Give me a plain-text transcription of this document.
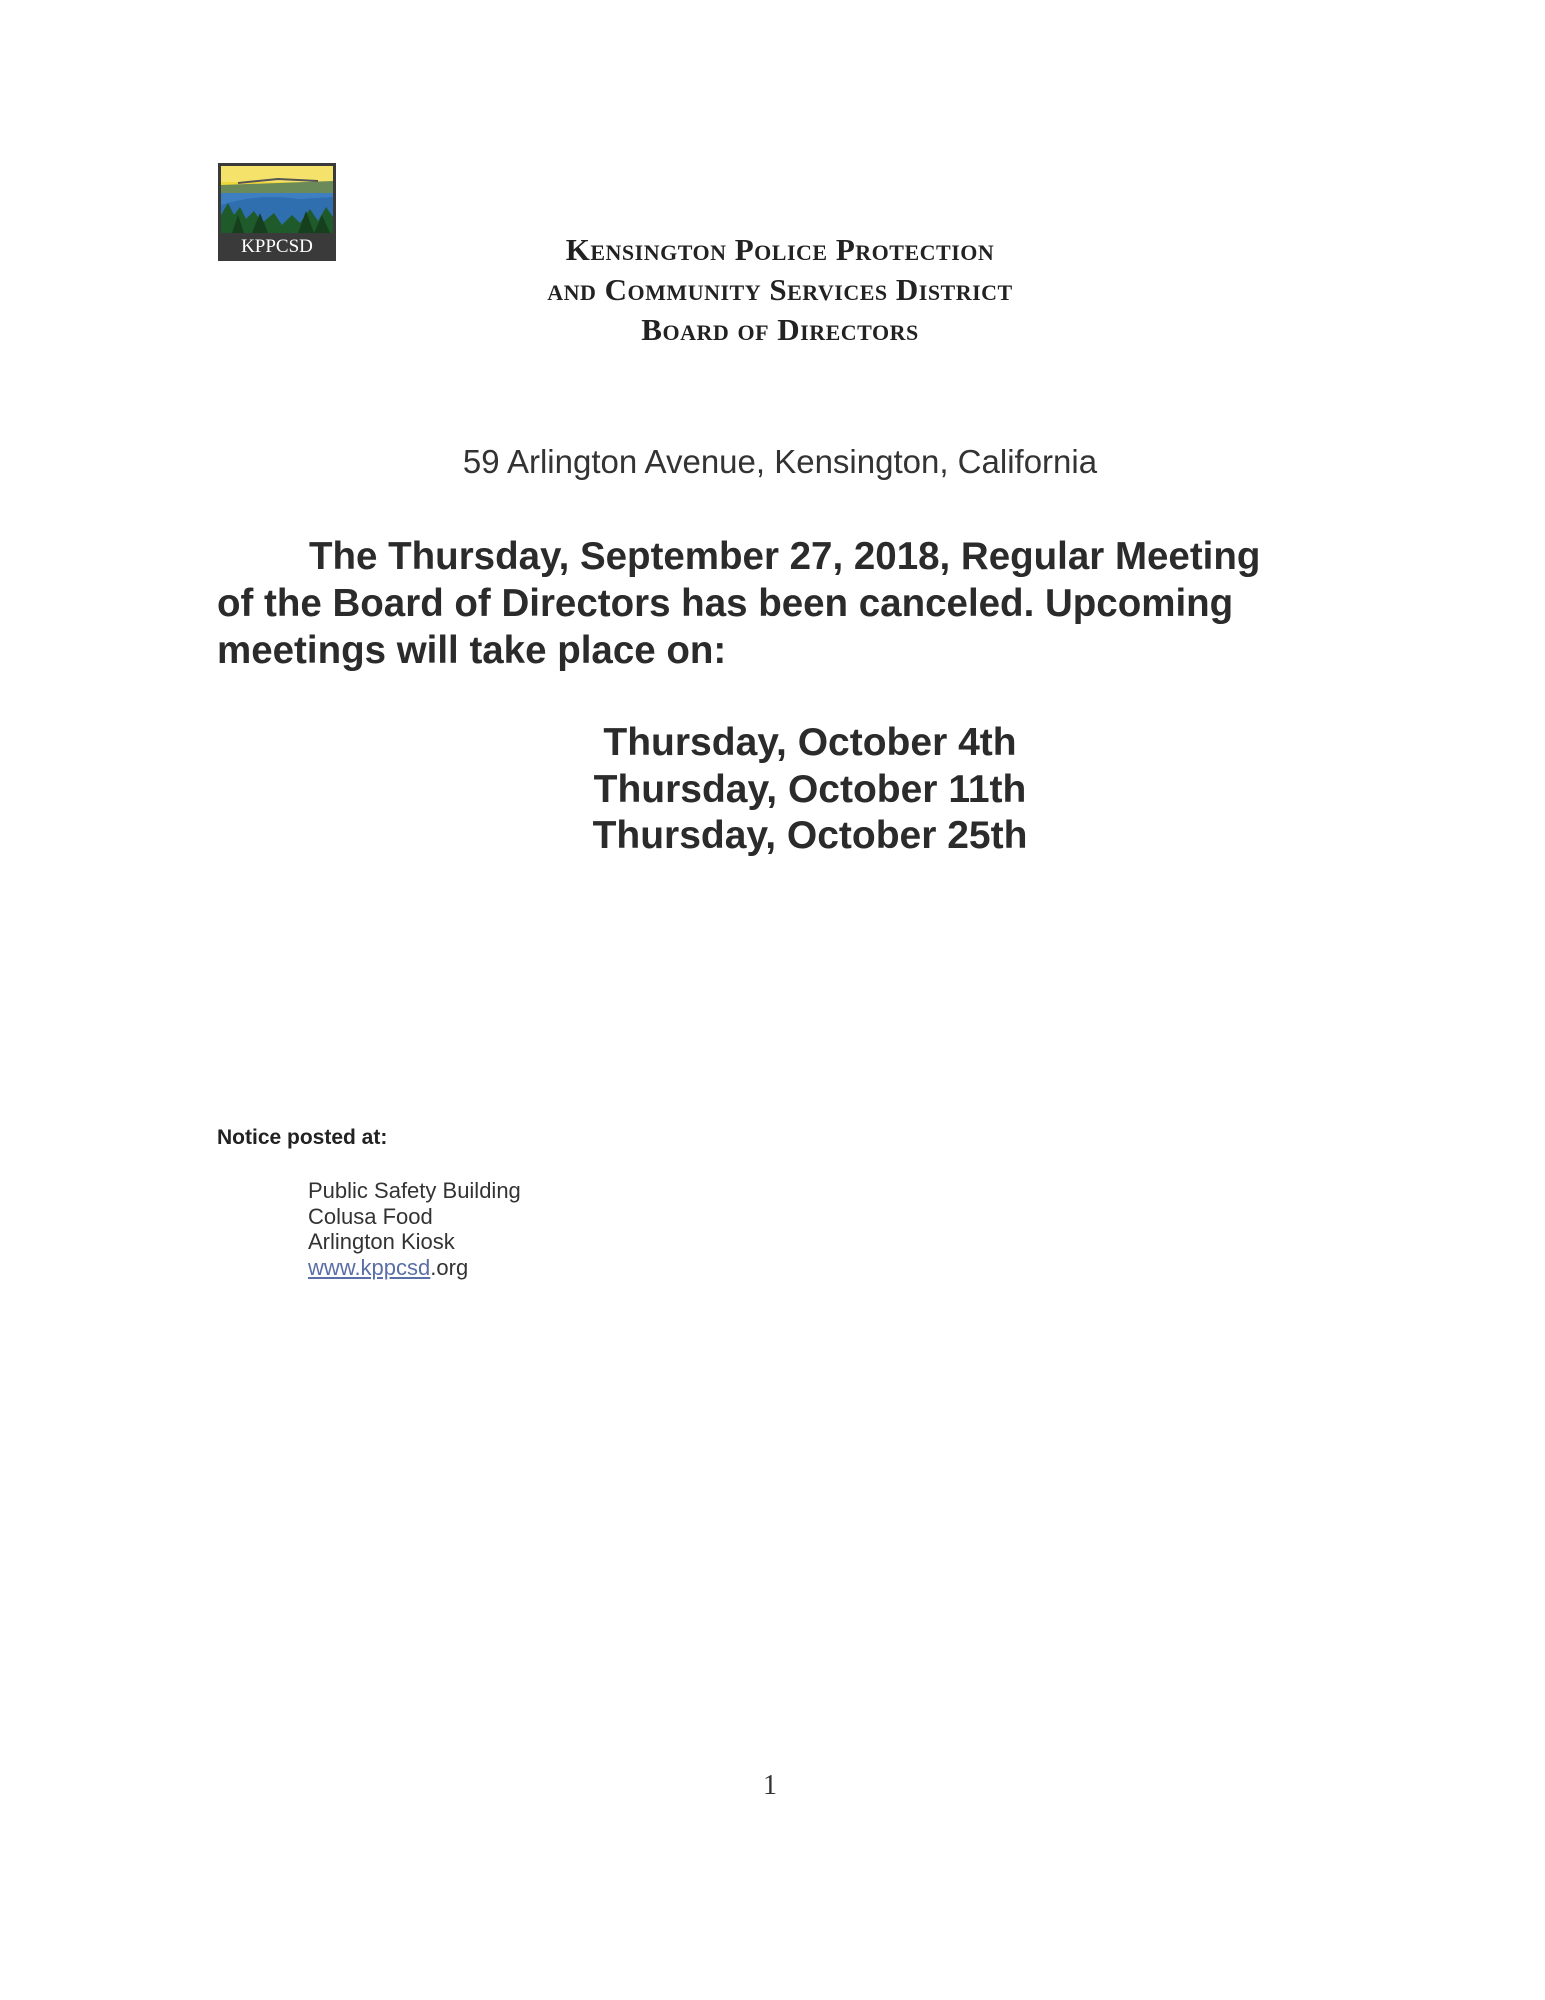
KPPCSD	Kensington Police Protection
and Community Services District
Board of Directors
59 Arlington Avenue, Kensington, California
The Thursday, September 27, 2018, Regular Meeting
of the Board of Directors has been canceled. Upcoming
meetings will take place on:
Thursday, October 4th
Thursday, October 11th
Thursday, October 25th
Notice posted at:
Public Safety Building
Colusa Food
Arlington Kiosk
www.kppcsd.org
1
